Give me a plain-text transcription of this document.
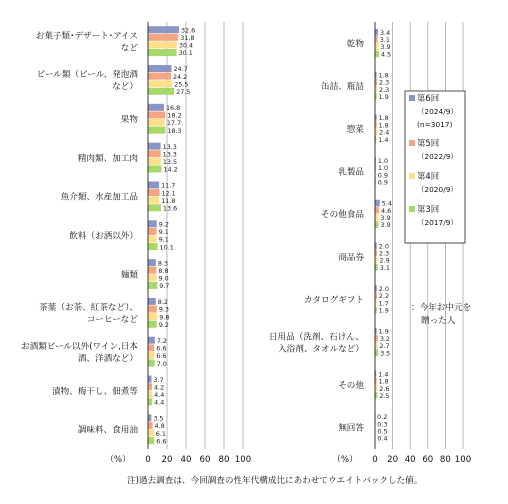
0 20 40 60 80 100
（%）
お菓子類･デザート･アイス
など
32.6
31.8
30.4
30.1
ビール類（ビール、発泡酒
など）
24.7
24.2
25.5
27.5
果物
16.8
18.2
17.7
18.3
精肉類、加工肉
13.3
13.3
13.5
14.2
魚介類、水産加工品
11.7
12.1
11.8
13.6
飲料（お酒以外）
9.2
9.1
9.1
10.1
麺類
8.3
8.8
9.0
9.7
茶葉（お茶、紅茶など）、
コーヒーなど
8.2
9.3
9.8
9.2
お酒類ビール以外(ワイン,日本
酒、洋酒など）
7.2
6.6
6.6
7.0
漬物、梅干し、佃煮等
3.7
4.2
4.4
4.4
調味料、食用油
3.5
4.8
6.1
6.6
0 20 40 60 80 100
（%）
乾物
3.4
3.1
3.9
4.5
缶詰、瓶詰
1.8
2.3
2.3
1.9
惣菜
1.8
1.8
2.4
1.4
乳製品
1.0
1.0
0.9
0.9
その他食品
5.4
4.6
3.9
3.9
商品券
2.0
2.3
2.9
3.1
カタログギフト
2.0
2.2
1.7
1.9
日用品（洗剤、石けん、
入浴剤、タオルなど）
1.9
3.2
2.7
3.5
その他
1.4
1.8
2.6
2.5
無回答
0.2
0.3
0.5
0.4
第6回
（2024/9）
(n=3017)
第5回
（2022/9）
第4回
（2020/9）
第3回
（2017/9）
：今年お中元を
贈った人
注)過去調査は、今回調査の性年代構成比にあわせてウエイトバックした値。
